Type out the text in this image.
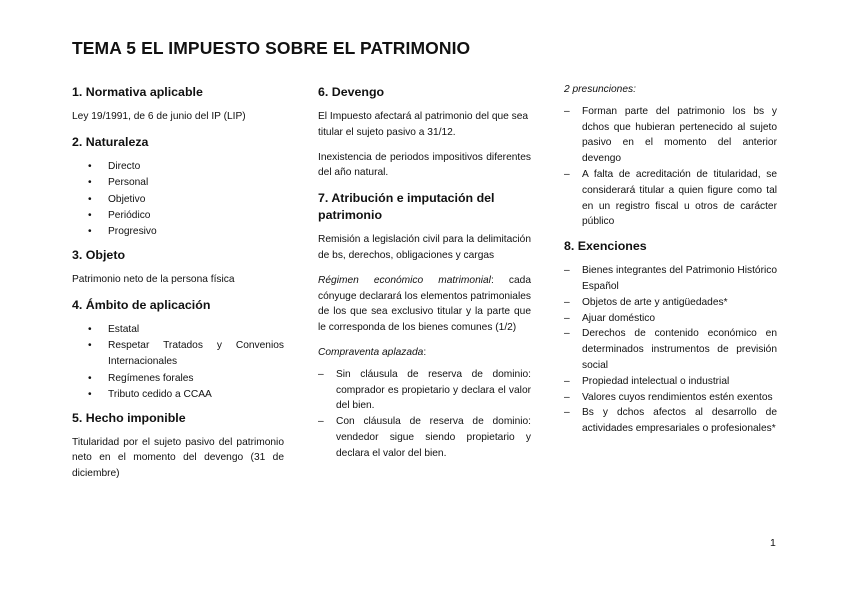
TEMA 5 EL IMPUESTO SOBRE EL PATRIMONIO
1. Normativa aplicable

Ley 19/1991, de 6 de junio del IP (LIP)

2. Naturaleza
• Directo
• Personal
• Objetivo
• Periódico
• Progresivo
3. Objeto

Patrimonio neto de la persona física

4. Ámbito de aplicación
• Estatal
• Respetar Tratados y Convenios Internacionales
• Regímenes forales
• Tributo cedido a CCAA
5. Hecho imponible

Titularidad por el sujeto pasivo del patrimonio neto en el momento del devengo (31 de diciembre)

6. Devengo

El Impuesto afectará al patrimonio del que sea titular el sujeto pasivo a 31/12.

Inexistencia de periodos impositivos diferentes del año natural.

7. Atribución e imputación del patrimonio

Remisión a legislación civil para la delimitación de bs, derechos, obligaciones y cargas

Régimen económico matrimonial: cada cónyuge declarará los elementos patrimoniales de los que sea exclusivo titular y la parte que le corresponda de los bienes comunes (1/2)

Compraventa aplazada:

– Sin cláusula de reserva de dominio: comprador es propietario y declara el valor del bien.
– Con cláusula de reserva de dominio: vendedor sigue siendo propietario y declara el valor del bien.

2 presunciones:

– Forman parte del patrimonio los bs y dchos que hubieran pertenecido al sujeto pasivo en el momento del anterior devengo
– A falta de acreditación de titularidad, se considerará titular a quien figure como tal en un registro fiscal u otros de carácter público
8. Exenciones
– Bienes integrantes del Patrimonio Histórico Español
– Objetos de arte y antigüedades*
– Ajuar doméstico
– Derechos de contenido económico en determinados instrumentos de previsión social
– Propiedad intelectual o industrial
– Valores cuyos rendimientos estén exentos
– Bs y dchos afectos al desarrollo de actividades empresariales o profesionales*
1
